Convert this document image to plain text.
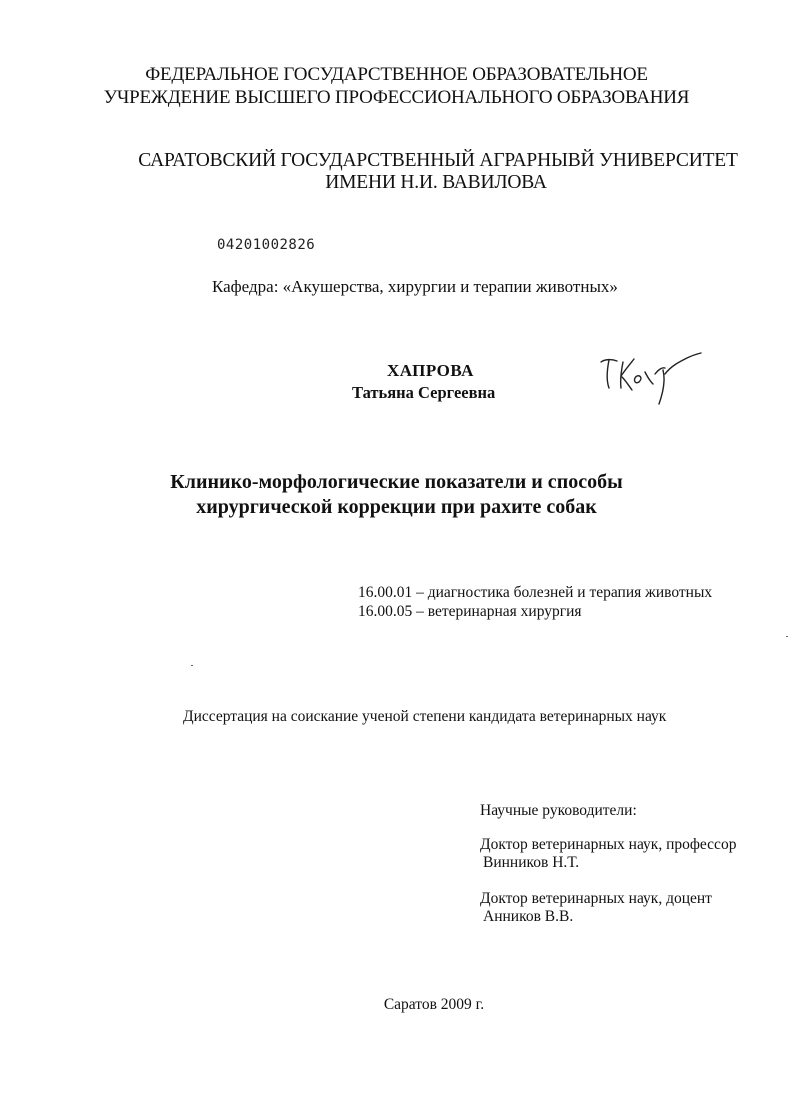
ФЕДЕРАЛЬНОЕ ГОСУДАРСТВЕННОЕ ОБРАЗОВАТЕЛЬНОЕ
УЧРЕЖДЕНИЕ ВЫСШЕГО ПРОФЕССИОНАЛЬНОГО ОБРАЗОВАНИЯ
САРАТОВСКИЙ ГОСУДАРСТВЕННЫЙ АГРАРНЫВЙ УНИВЕРСИТЕТ
ИМЕНИ Н.И. ВАВИЛОВА
04201002826
Кафедра: «Акушерства, хирургии и терапии животных»
ХАПРОВА
Татьяна Сергеевна
Клинико-морфологические показатели и способы
хирургической коррекции при рахите собак
16.00.01 – диагностика болезней и терапия животных
16.00.05 – ветеринарная хирургия
Диссертация на соискание ученой степени кандидата ветеринарных наук
Научные руководители:
Доктор ветеринарных наук, профессор
Винников Н.Т.
Доктор ветеринарных наук, доцент
Анников В.В.
Саратов 2009 г.
